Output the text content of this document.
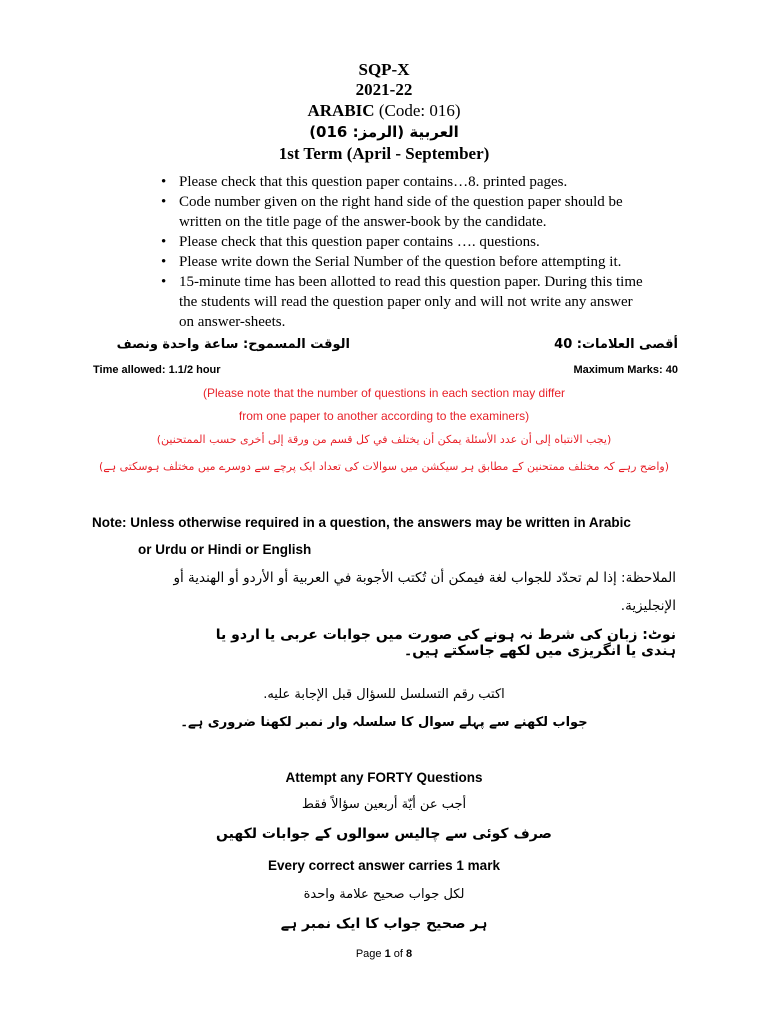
SQP-X
2021-22
ARABIC (Code: 016)
العربية (الرمز: 016)
1st Term (April - September)
• Please check that this question paper contains…8. printed pages.
• Code number given on the right hand side of the question paper should be written on the title page of the answer-book by the candidate.
• Please check that this question paper contains …. questions.
• Please write down the Serial Number of the question before attempting it.
• 15-minute time has been allotted to read this question paper. During this time the students will read the question paper only and will not write any answer on answer-sheets.
الوقت المسموح: ساعة واحدة ونصف	أقصى العلامات: 40
Time allowed: 1.1/2 hour	Maximum Marks: 40
(Please note that the number of questions in each section may differ
from one paper to another according to the examiners)
(يجب الانتباه إلى أن عدد الأسئلة يمكن أن يختلف في كل قسم من ورقة إلى أخرى حسب الممتحنين)
(واضح رہے کہ مختلف ممتحنین کے مطابق ہر سیکشن میں سوالات کی تعداد ایک پرچے سے دوسرے میں مختلف ہوسکتی ہے)
Note: Unless otherwise required in a question, the answers may be written in Arabic
or Urdu or Hindi or English
الملاحظة: إذا لم تحدّد للجواب لغة فيمكن أن تُكتب الأجوبة في العربية أو الأردو أو الهندية أو
الإنجليزية.
نوٹ: زبان کی شرط نہ ہونے کی صورت میں جوابات عربی یا اردو یا ہندی یا انگریزی میں لکھے جاسکتے ہیں۔
اكتب رقم التسلسل للسؤال قبل الإجابة عليه.
جواب لکھنے سے پہلے سوال کا سلسلہ وار نمبر لکھنا ضروری ہے۔
Attempt any FORTY Questions
أجب عن أيّة أربعين سؤالاً فقط
صرف کوئی سے چالیس سوالوں کے جوابات لکھیں
Every correct answer carries 1 mark
لكل جواب صحيح علامة واحدة
ہر صحیح جواب کا ایک نمبر ہے
Page 1 of 8
